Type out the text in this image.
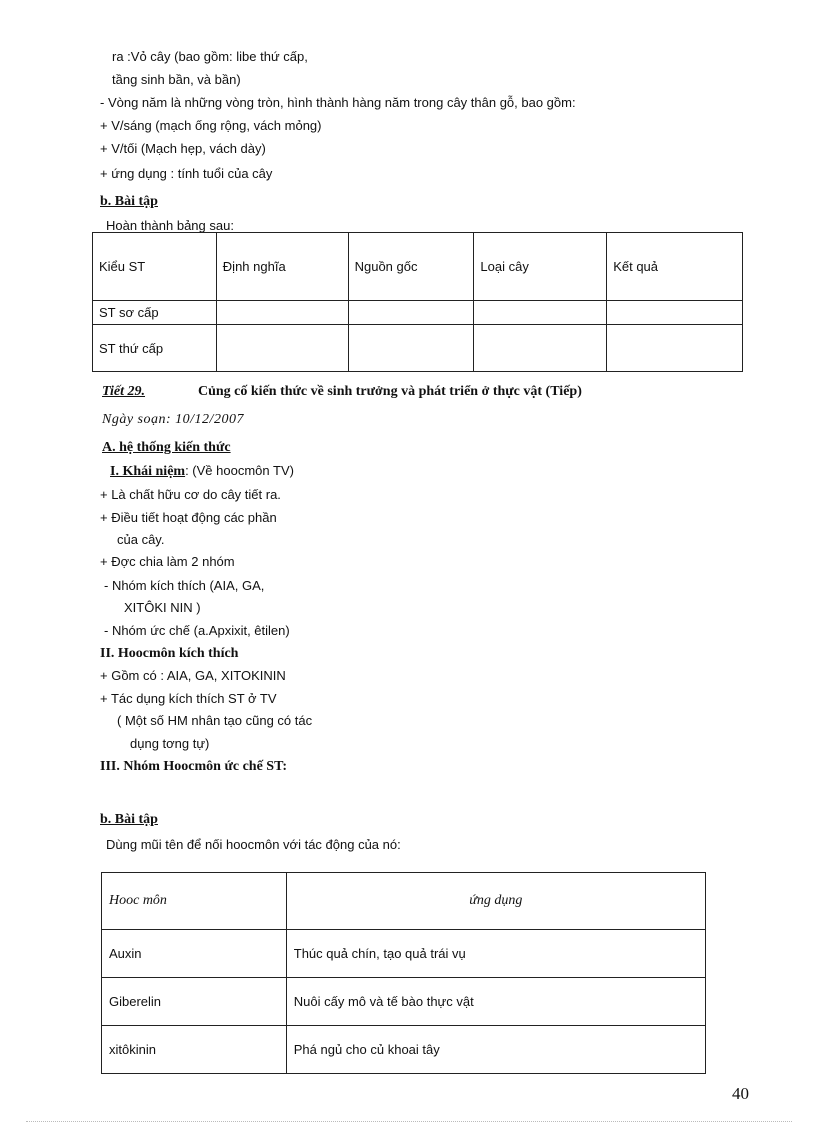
ra :Vỏ cây (bao gồm: libe thứ cấp,
tầng sinh bần, và bần)
- Vòng năm là những vòng tròn, hình thành hàng năm trong cây thân gỗ, bao gồm:
+ V/sáng (mạch ống rộng, vách mỏng)
+ V/tối (Mạch hẹp, vách dày)
+ ứng dụng : tính tuổi của cây
b. Bài tập
Hoàn thành bảng sau:
Kiểu ST	Định nghĩa	Nguồn gốc	Loại cây	Kết quả
ST sơ cấp				
ST thứ cấp				
Tiết 29.	Củng cố kiến thức về sinh trưởng và phát triển ở thực vật (Tiếp)
Ngày soạn: 10/12/2007
A. hệ thống kiến thức
I. Khái niệm: (Về hoocmôn TV)
+ Là chất hữu cơ do cây tiết ra.
+ Điều tiết hoạt động các phần
của cây.
+ Đợc chia làm 2 nhóm
- Nhóm kích thích (AIA, GA,
XITÔKI NIN )
- Nhóm ức chế (a.Apxixit, êtilen)
II. Hoocmôn kích thích
+ Gồm có : AIA, GA, XITOKININ
+ Tác dụng kích thích ST ở TV
( Một số HM nhân tạo cũng có tác
dụng tơng tự)
III. Nhóm Hoocmôn ức chế ST:
b. Bài tập
Dùng mũi tên để nối hoocmôn với tác động của nó:
Hooc môn	ứng dụng
Auxin	Thúc quả chín, tạo quả trái vụ
Giberelin	Nuôi cấy mô và tế bào thực vật
xitôkinin	Phá ngủ cho củ khoai tây
40
